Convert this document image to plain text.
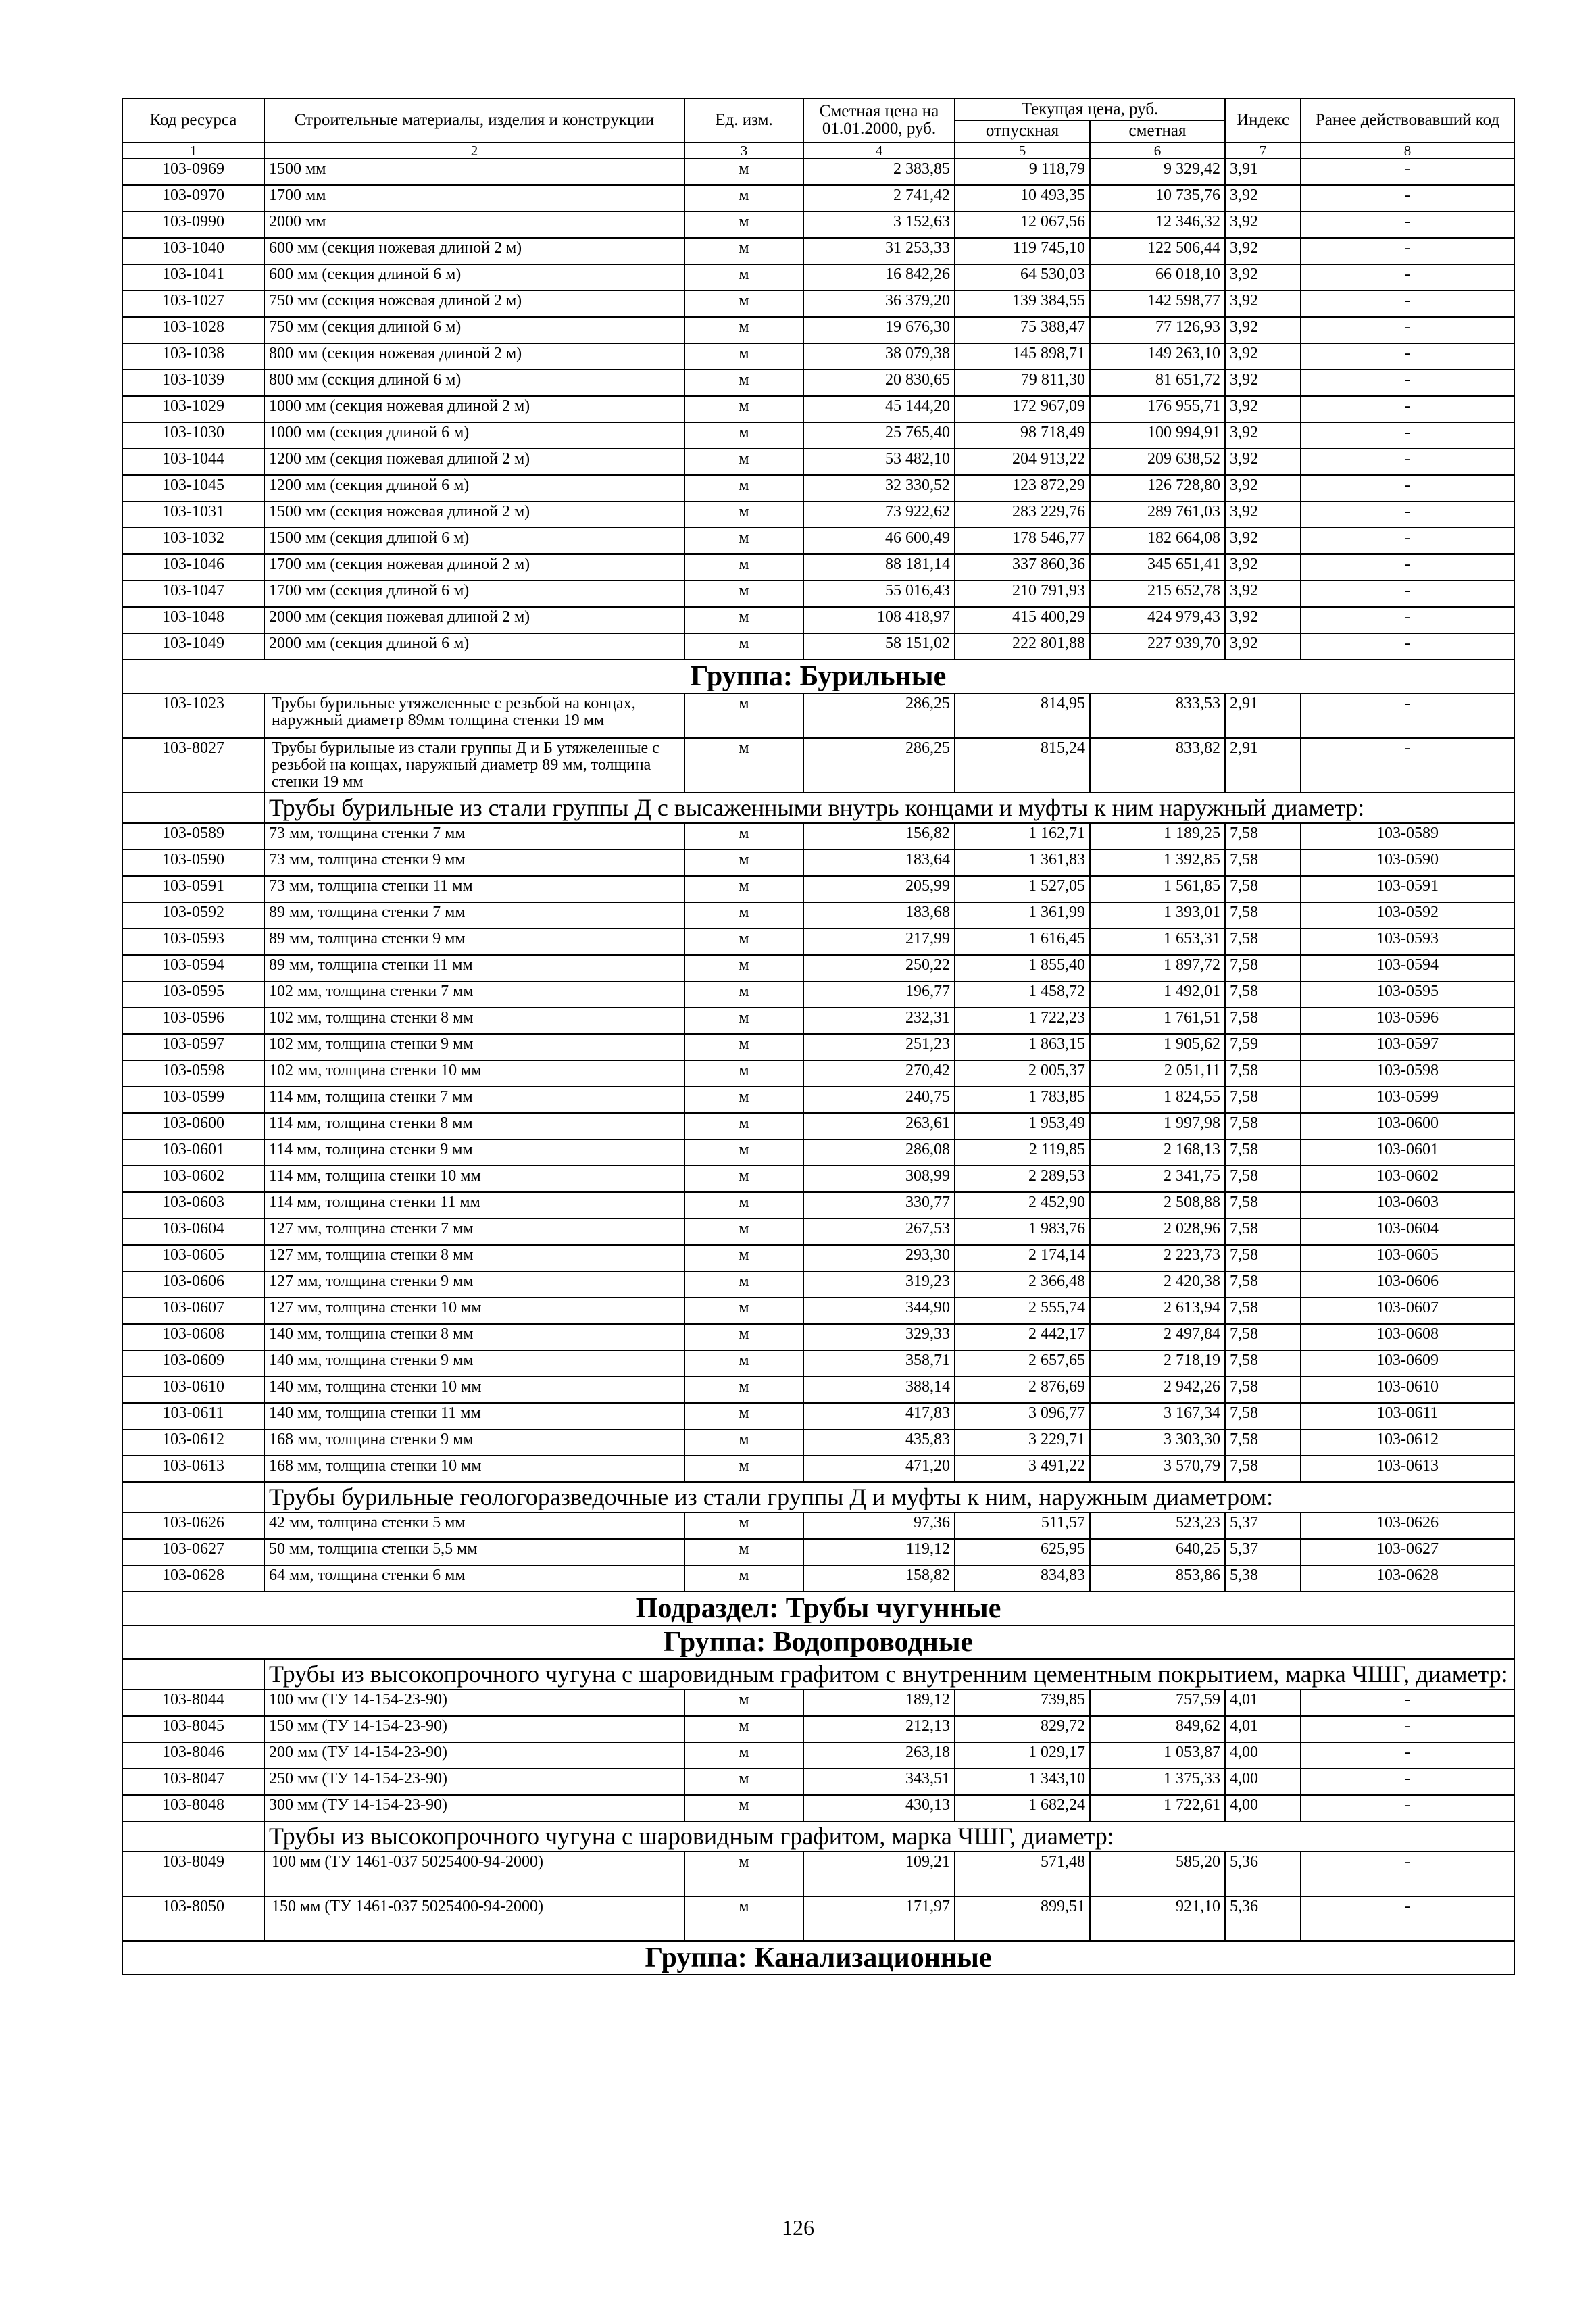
Код ресурса	Строительные материалы, изделия и конструкции	Ед. изм.	Сметная цена на 01.01.2000, руб.	Текущая цена, руб.		Индекс	Ранее действовавший код
				отпускная	сметная		
1	2	3	4	5	6	7	8
103-0969	1500 мм	м	2 383,85	9 118,79	9 329,42	3,91	-
103-0970	1700 мм	м	2 741,42	10 493,35	10 735,76	3,92	-
103-0990	2000 мм	м	3 152,63	12 067,56	12 346,32	3,92	-
103-1040	600 мм (секция ножевая длиной 2 м)	м	31 253,33	119 745,10	122 506,44	3,92	-
103-1041	600 мм (секция длиной 6 м)	м	16 842,26	64 530,03	66 018,10	3,92	-
103-1027	750 мм (секция ножевая длиной 2 м)	м	36 379,20	139 384,55	142 598,77	3,92	-
103-1028	750 мм (секция длиной 6 м)	м	19 676,30	75 388,47	77 126,93	3,92	-
103-1038	800 мм (секция ножевая длиной 2 м)	м	38 079,38	145 898,71	149 263,10	3,92	-
103-1039	800 мм (секция длиной 6 м)	м	20 830,65	79 811,30	81 651,72	3,92	-
103-1029	1000 мм (секция ножевая длиной 2 м)	м	45 144,20	172 967,09	176 955,71	3,92	-
103-1030	1000 мм (секция длиной 6 м)	м	25 765,40	98 718,49	100 994,91	3,92	-
103-1044	1200 мм (секция ножевая длиной 2 м)	м	53 482,10	204 913,22	209 638,52	3,92	-
103-1045	1200 мм (секция длиной 6 м)	м	32 330,52	123 872,29	126 728,80	3,92	-
103-1031	1500 мм (секция ножевая длиной 2 м)	м	73 922,62	283 229,76	289 761,03	3,92	-
103-1032	1500 мм (секция длиной 6 м)	м	46 600,49	178 546,77	182 664,08	3,92	-
103-1046	1700 мм (секция ножевая длиной 2 м)	м	88 181,14	337 860,36	345 651,41	3,92	-
103-1047	1700 мм (секция длиной 6 м)	м	55 016,43	210 791,93	215 652,78	3,92	-
103-1048	2000 мм (секция ножевая длиной 2 м)	м	108 418,97	415 400,29	424 979,43	3,92	-
103-1049	2000 мм (секция длиной 6 м)	м	58 151,02	222 801,88	227 939,70	3,92	-
Группа: Бурильные							
103-1023	Трубы бурильные утяжеленные с резьбой на концах, наружный диаметр 89мм толщина стенки 19 мм	м	286,25	814,95	833,53	2,91	-
103-8027	Трубы бурильные из стали группы Д и Б утяжеленные с резьбой на концах, наружный диаметр 89 мм, толщина стенки 19 мм	м	286,25	815,24	833,82	2,91	-
	Трубы бурильные из стали группы Д с высаженными внутрь концами и муфты к ним наружный диаметр:						
103-0589	73 мм, толщина стенки 7 мм	м	156,82	1 162,71	1 189,25	7,58	103-0589
103-0590	73 мм, толщина стенки 9 мм	м	183,64	1 361,83	1 392,85	7,58	103-0590
103-0591	73 мм, толщина стенки 11 мм	м	205,99	1 527,05	1 561,85	7,58	103-0591
103-0592	89 мм, толщина стенки 7 мм	м	183,68	1 361,99	1 393,01	7,58	103-0592
103-0593	89 мм, толщина стенки 9 мм	м	217,99	1 616,45	1 653,31	7,58	103-0593
103-0594	89 мм, толщина стенки 11 мм	м	250,22	1 855,40	1 897,72	7,58	103-0594
103-0595	102 мм, толщина стенки 7 мм	м	196,77	1 458,72	1 492,01	7,58	103-0595
103-0596	102 мм, толщина стенки 8 мм	м	232,31	1 722,23	1 761,51	7,58	103-0596
103-0597	102 мм, толщина стенки 9 мм	м	251,23	1 863,15	1 905,62	7,59	103-0597
103-0598	102 мм, толщина стенки 10 мм	м	270,42	2 005,37	2 051,11	7,58	103-0598
103-0599	114 мм, толщина стенки 7 мм	м	240,75	1 783,85	1 824,55	7,58	103-0599
103-0600	114 мм, толщина стенки 8 мм	м	263,61	1 953,49	1 997,98	7,58	103-0600
103-0601	114 мм, толщина стенки 9 мм	м	286,08	2 119,85	2 168,13	7,58	103-0601
103-0602	114 мм, толщина стенки 10 мм	м	308,99	2 289,53	2 341,75	7,58	103-0602
103-0603	114 мм, толщина стенки 11 мм	м	330,77	2 452,90	2 508,88	7,58	103-0603
103-0604	127 мм, толщина стенки 7 мм	м	267,53	1 983,76	2 028,96	7,58	103-0604
103-0605	127 мм, толщина стенки 8 мм	м	293,30	2 174,14	2 223,73	7,58	103-0605
103-0606	127 мм, толщина стенки 9 мм	м	319,23	2 366,48	2 420,38	7,58	103-0606
103-0607	127 мм, толщина стенки 10 мм	м	344,90	2 555,74	2 613,94	7,58	103-0607
103-0608	140 мм, толщина стенки 8 мм	м	329,33	2 442,17	2 497,84	7,58	103-0608
103-0609	140 мм, толщина стенки 9 мм	м	358,71	2 657,65	2 718,19	7,58	103-0609
103-0610	140 мм, толщина стенки 10 мм	м	388,14	2 876,69	2 942,26	7,58	103-0610
103-0611	140 мм, толщина стенки 11 мм	м	417,83	3 096,77	3 167,34	7,58	103-0611
103-0612	168 мм, толщина стенки 9 мм	м	435,83	3 229,71	3 303,30	7,58	103-0612
103-0613	168 мм, толщина стенки 10 мм	м	471,20	3 491,22	3 570,79	7,58	103-0613
	Трубы бурильные геологоразведочные из стали группы Д и муфты к ним, наружным диаметром:						
103-0626	42 мм, толщина стенки 5 мм	м	97,36	511,57	523,23	5,37	103-0626
103-0627	50 мм, толщина стенки 5,5 мм	м	119,12	625,95	640,25	5,37	103-0627
103-0628	64 мм, толщина стенки 6 мм	м	158,82	834,83	853,86	5,38	103-0628
Подраздел: Трубы чугунные							
Группа: Водопроводные							
	Трубы из высокопрочного чугуна с шаровидным графитом с внутренним цементным покрытием, марка ЧШГ, диаметр:						
103-8044	100 мм (ТУ 14-154-23-90)	м	189,12	739,85	757,59	4,01	-
103-8045	150 мм (ТУ 14-154-23-90)	м	212,13	829,72	849,62	4,01	-
103-8046	200 мм (ТУ 14-154-23-90)	м	263,18	1 029,17	1 053,87	4,00	-
103-8047	250 мм (ТУ 14-154-23-90)	м	343,51	1 343,10	1 375,33	4,00	-
103-8048	300 мм (ТУ 14-154-23-90)	м	430,13	1 682,24	1 722,61	4,00	-
	Трубы из высокопрочного чугуна с шаровидным графитом, марка ЧШГ, диаметр:						
103-8049	100 мм (ТУ 1461-037 5025400-94-2000)	м	109,21	571,48	585,20	5,36	-
103-8050	150 мм (ТУ 1461-037 5025400-94-2000)	м	171,97	899,51	921,10	5,36	-
Группа: Канализационные							
126
